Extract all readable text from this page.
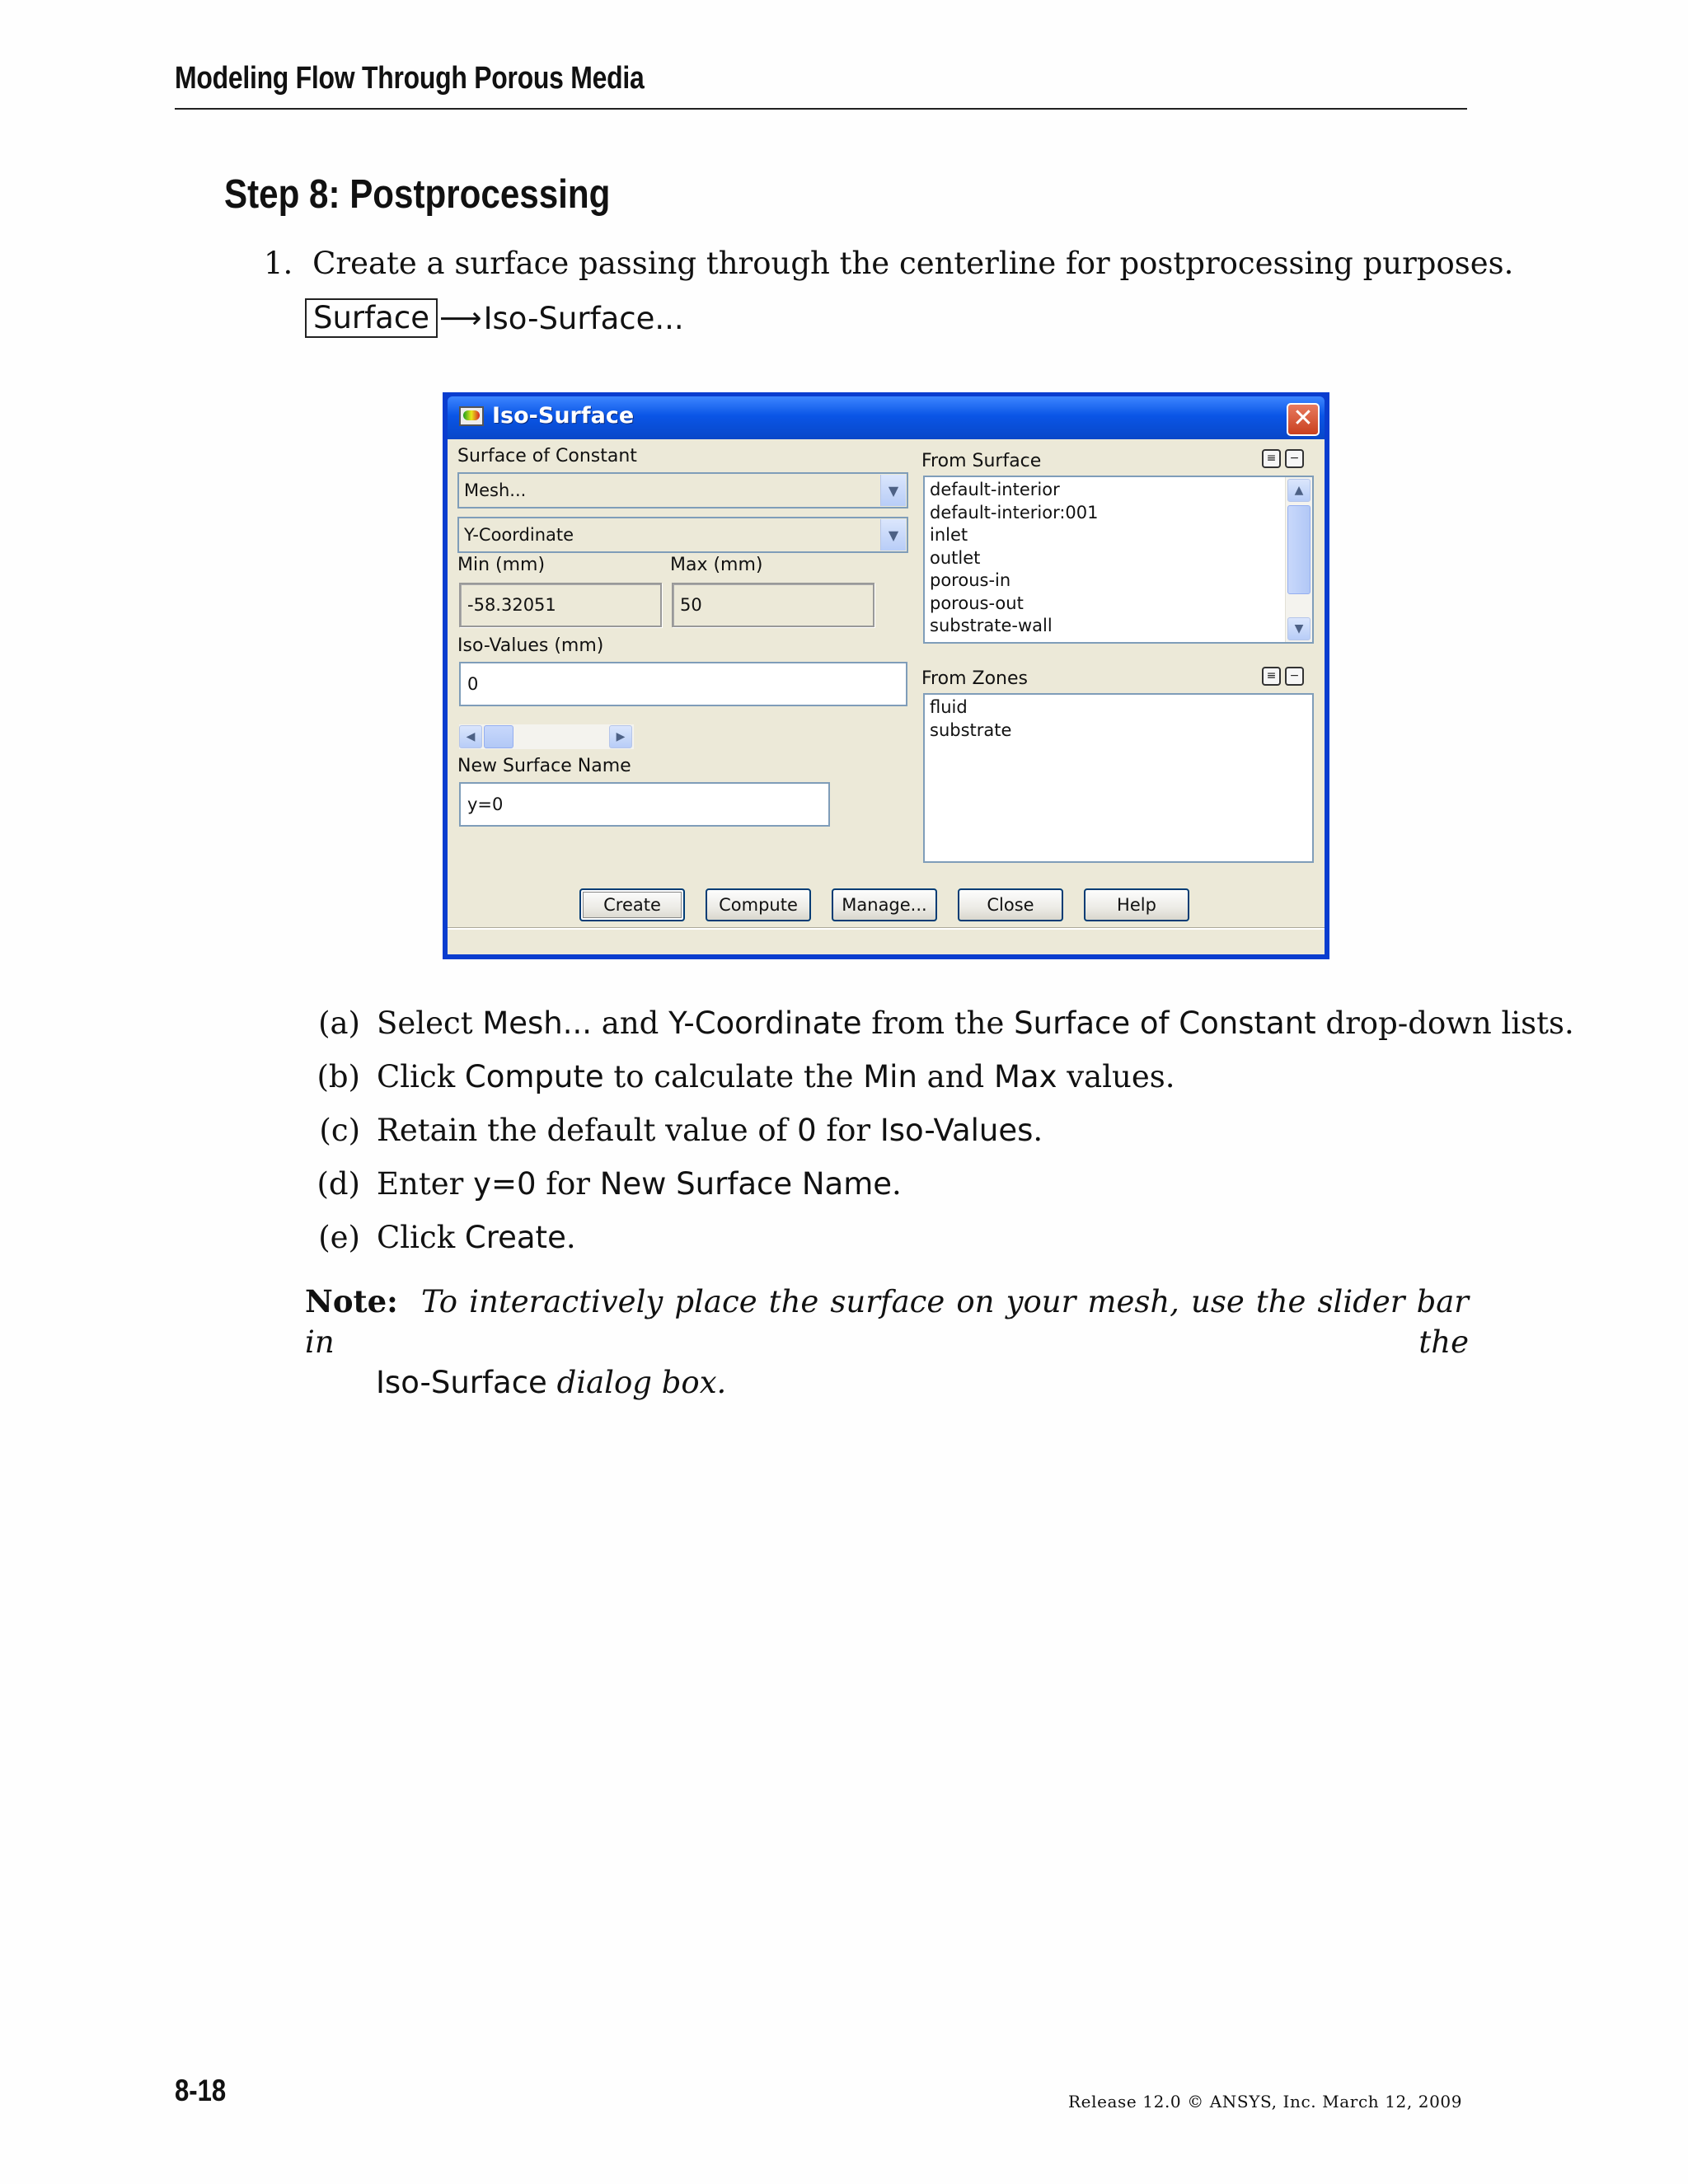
Modeling Flow Through Porous Media
Step 8: Postprocessing
1. Create a surface passing through the centerline for postprocessing purposes.
Surface ⟶ Iso-Surface...
Iso-Surface	✕
Surface of Constant
Mesh...	▼
Y-Coordinate	▼
Min (mm)	Max (mm)
-58.32051	50
Iso-Values (mm)
0
◀	▶
New Surface Name
y=0
From Surface	≡	−
default-interior
default-interior:001
inlet
outlet
porous-in
porous-out
substrate-wall
▲
▼
From Zones	≡	−
fluid
substrate
Create	Compute	Manage...	Close	Help
(a) Select Mesh... and Y-Coordinate from the Surface of Constant drop-down lists.
(b) Click Compute to calculate the Min and Max values.
(c) Retain the default value of 0 for Iso-Values.
(d) Enter y=0 for New Surface Name.
(e) Click Create.
Note: To interactively place the surface on your mesh, use the slider bar in the
Iso-Surface dialog box.
8-18	Release 12.0 © ANSYS, Inc. March 12, 2009
